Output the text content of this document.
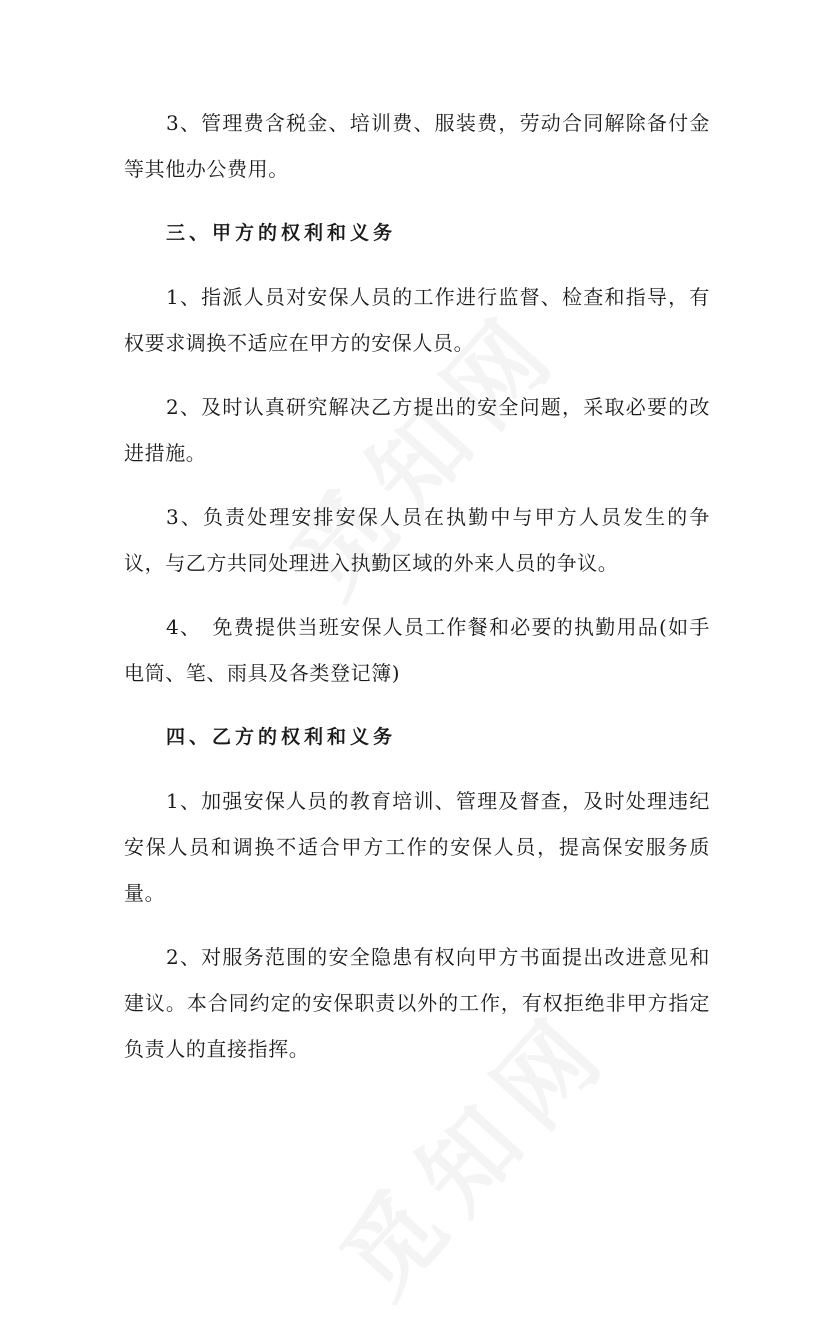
3、管理费含税金、培训费、服装费，劳动合同解除备付金等其他办公费用。

三、甲方的权利和义务

1、指派人员对安保人员的工作进行监督、检查和指导，有权要求调换不适应在甲方的安保人员。

2、及时认真研究解决乙方提出的安全问题，采取必要的改进措施。

3、负责处理安排安保人员在执勤中与甲方人员发生的争议，与乙方共同处理进入执勤区域的外来人员的争议。

4、　免费提供当班安保人员工作餐和必要的执勤用品(如手电筒、笔、雨具及各类登记簿)

四、乙方的权利和义务

1、加强安保人员的教育培训、管理及督查，及时处理违纪安保人员和调换不适合甲方工作的安保人员，提高保安服务质量。

2、对服务范围的安全隐患有权向甲方书面提出改进意见和建议。本合同约定的安保职责以外的工作，有权拒绝非甲方指定负责人的直接指挥。
